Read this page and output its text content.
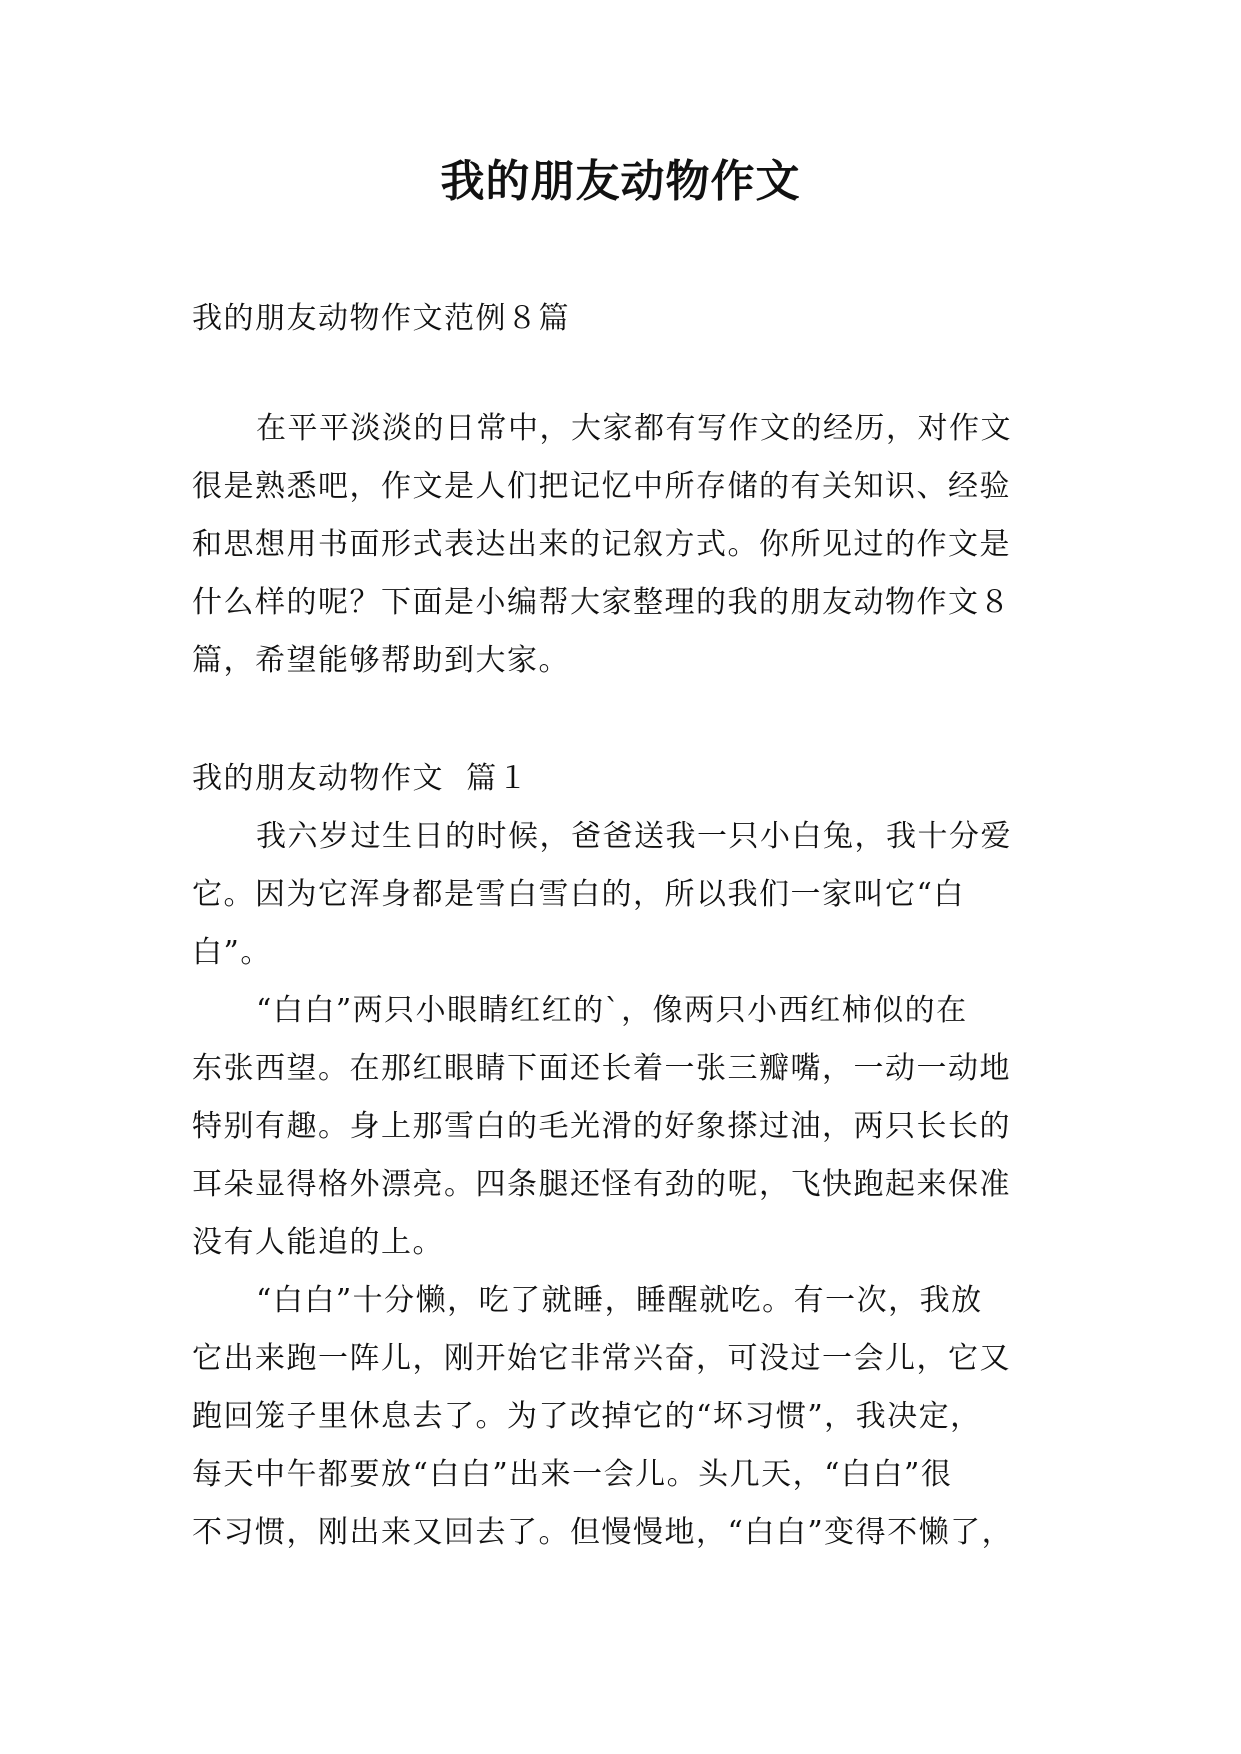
我的朋友动物作文
我的朋友动物作文范例８篇
在平平淡淡的日常中，大家都有写作文的经历，对作文
很是熟悉吧，作文是人们把记忆中所存储的有关知识、经验
和思想用书面形式表达出来的记叙方式。你所见过的作文是
什么样的呢？下面是小编帮大家整理的我的朋友动物作文８
篇，希望能够帮助到大家。
我的朋友动物作文  篇１
我六岁过生日的时候，爸爸送我一只小白兔，我十分爱
它。因为它浑身都是雪白雪白的，所以我们一家叫它“白
白”。
“白白”两只小眼睛红红的`，像两只小西红柿似的在
东张西望。在那红眼睛下面还长着一张三瓣嘴，一动一动地
特别有趣。身上那雪白的毛光滑的好象搽过油，两只长长的
耳朵显得格外漂亮。四条腿还怪有劲的呢，飞快跑起来保准
没有人能追的上。
“白白”十分懒，吃了就睡，睡醒就吃。有一次，我放
它出来跑一阵儿，刚开始它非常兴奋，可没过一会儿，它又
跑回笼子里休息去了。为了改掉它的“坏习惯”，我决定，
每天中午都要放“白白”出来一会儿。头几天，“白白”很
不习惯，刚出来又回去了。但慢慢地，“白白”变得不懒了，
